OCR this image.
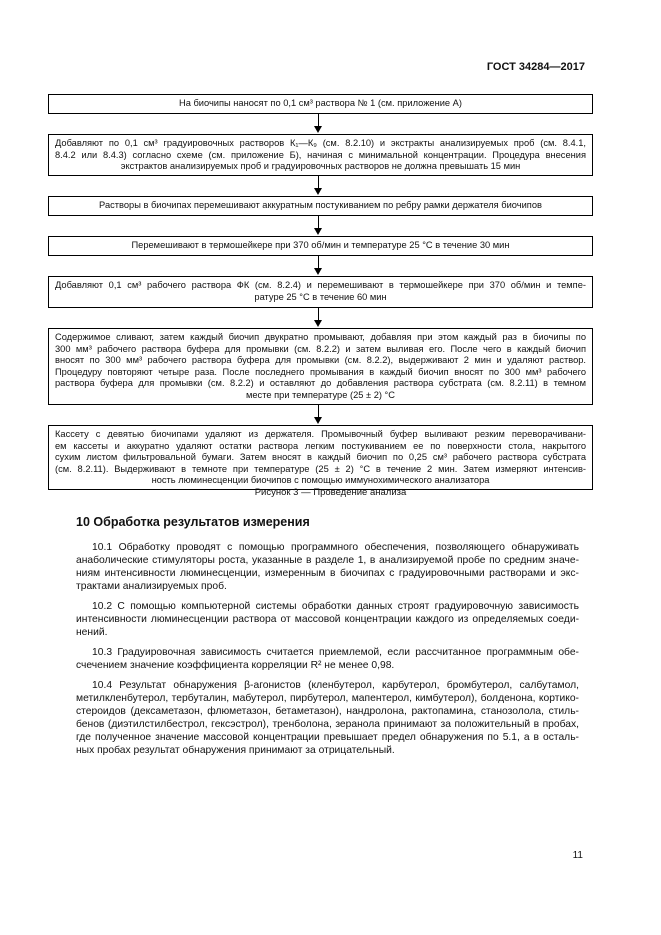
ГОСТ 34284—2017
На биочипы наносят по 0,1 см³ раствора № 1 (см. приложение А)
Добавляют по 0,1 см³ градуировочных растворов К₁—К₉ (см. 8.2.10) и экстракты анализируемых проб (см. 8.4.1,
8.4.2 или 8.4.3) согласно схеме (см. приложение Б), начиная с минимальной концентрации. Процедура внесения
экстрактов анализируемых проб и градуировочных растворов не должна превышать 15 мин
Растворы в биочипах перемешивают аккуратным постукиванием по ребру рамки держателя биочипов
Перемешивают в термошейкере при 370 об/мин и температуре 25 °С в течение 30 мин
Добавляют 0,1 см³ рабочего раствора ФК (см. 8.2.4) и перемешивают в термошейкере при 370 об/мин и темпе-
ратуре 25 °С в течение 60 мин
Содержимое сливают, затем каждый биочип двукратно промывают, добавляя при этом каждый раз в биочипы по
300 мм³ рабочего раствора буфера для промывки (см. 8.2.2) и затем выливая его. После чего в каждый биочип
вносят по 300 мм³ рабочего раствора буфера для промывки (см. 8.2.2), выдерживают 2 мин и удаляют раствор.
Процедуру повторяют четыре раза. После последнего промывания в каждый биочип вносят по 300 мм³ рабочего
раствора буфера для промывки (см. 8.2.2) и оставляют до добавления раствора субстрата (см. 8.2.11) в темном
месте при температуре (25 ± 2) °С
Кассету с девятью биочипами удаляют из держателя. Промывочный буфер выливают резким переворачивани-
ем кассеты и аккуратно удаляют остатки раствора легким постукиванием ее по поверхности стола, накрытого
сухим листом фильтровальной бумаги. Затем вносят в каждый биочип по 0,25 см³ рабочего раствора субстрата
(см. 8.2.11). Выдерживают в темноте при температуре (25 ± 2) °С в течение 2 мин. Затем измеряют интенсив-
ность люминесценции биочипов с помощью иммунохимического анализатора
Рисунок 3 — Проведение анализа
10 Обработка результатов измерения
10.1 Обработку проводят с помощью программного обеспечения, позволяющего обнаруживать
анаболические стимуляторы роста, указанные в разделе 1, в анализируемой пробе по средним значе-
ниям интенсивности люминесценции, измеренным в биочипах с градуировочными растворами и экс-
трактами анализируемых проб.
10.2 С помощью компьютерной системы обработки данных строят градуировочную зависимость
интенсивности люминесценции раствора от массовой концентрации каждого из определяемых соеди-
нений.
10.3 Градуировочная зависимость считается приемлемой, если рассчитанное программным обе-
счечением значение коэффициента корреляции R² не менее 0,98.
10.4 Результат обнаружения β-агонистов (кленбутерол, карбутерол, бромбутерол, салбутамол,
метилкленбутерол, тербуталин, мабутерол, пирбутерол, мапентерол, кимбутерол), болденона, кортико-
стероидов (дексаметазон, флюметазон, бетаметазон), нандролона, рактопамина, станозолола, стиль-
бенов (диэтилстилбестрол, гексэстрол), тренболона, зеранола принимают за положительный в пробах,
где полученное значение массовой концентрации превышает предел обнаружения по 5.1, а в осталь-
ных пробах результат обнаружения принимают за отрицательный.
11
